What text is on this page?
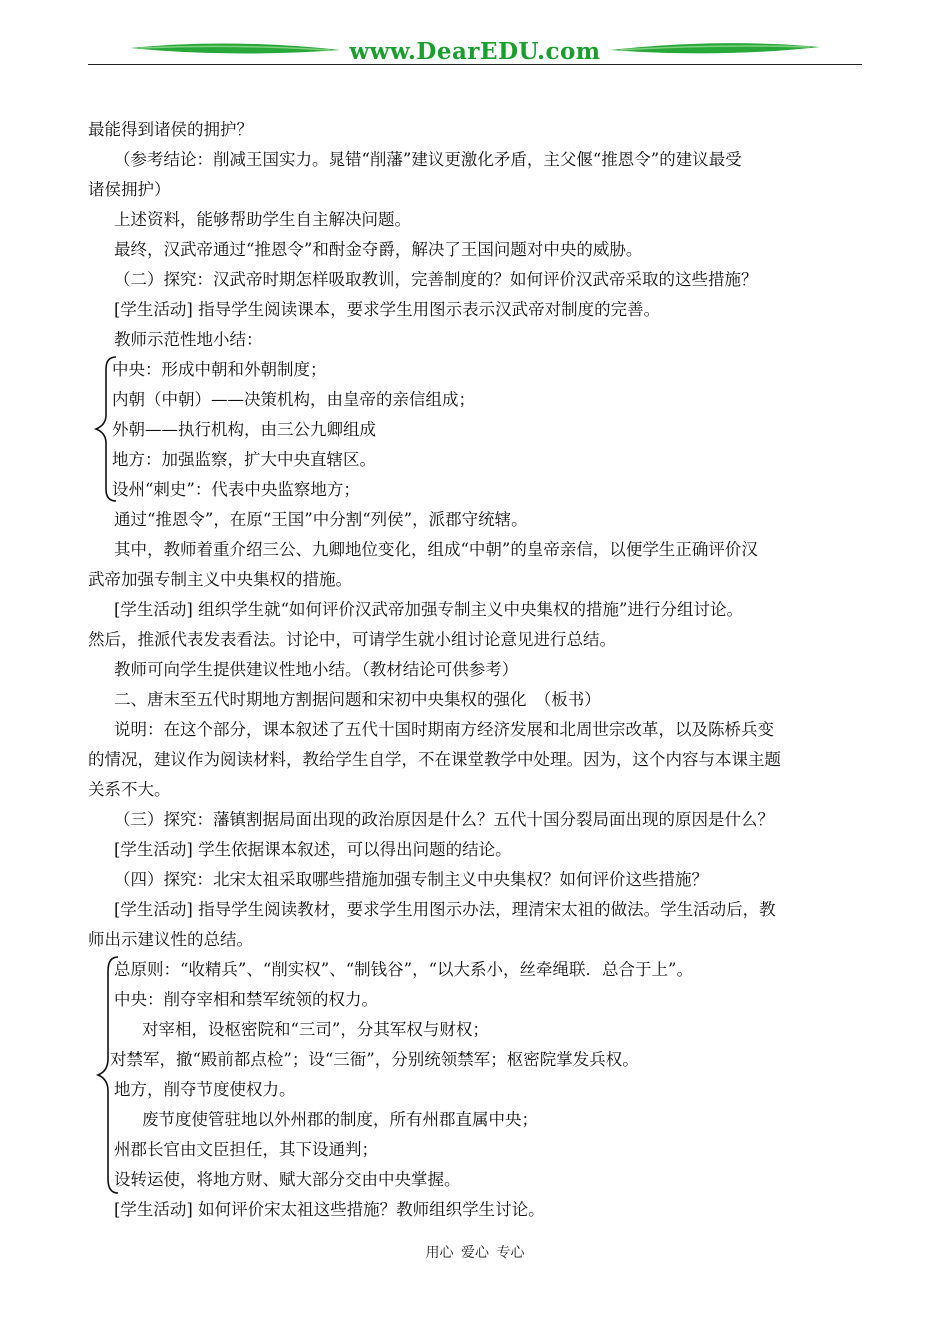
www.DearEDU.com
最能得到诸侯的拥护？
（参考结论：削减王国实力。晁错“削藩”建议更激化矛盾，主父偃“推恩令”的建议最受
诸侯拥护）
上述资料，能够帮助学生自主解决问题。
最终，汉武帝通过“推恩令”和酎金夺爵，解决了王国问题对中央的威胁。
（二）探究：汉武帝时期怎样吸取教训，完善制度的？如何评价汉武帝采取的这些措施？
[学生活动] 指导学生阅读课本，要求学生用图示表示汉武帝对制度的完善。
教师示范性地小结：
中央：形成中朝和外朝制度；
内朝（中朝）——决策机构，由皇帝的亲信组成；
外朝——执行机构，由三公九卿组成
地方：加强监察，扩大中央直辖区。
设州“刺史”：代表中央监察地方；
通过“推恩令”，在原“王国”中分割“列侯”，派郡守统辖。
其中，教师着重介绍三公、九卿地位变化，组成“中朝”的皇帝亲信，以便学生正确评价汉
武帝加强专制主义中央集权的措施。
[学生活动] 组织学生就“如何评价汉武帝加强专制主义中央集权的措施”进行分组讨论。
然后，推派代表发表看法。讨论中，可请学生就小组讨论意见进行总结。
教师可向学生提供建议性地小结。（教材结论可供参考）
二、唐末至五代时期地方割据问题和宋初中央集权的强化　（板书）
说明：在这个部分，课本叙述了五代十国时期南方经济发展和北周世宗改革，以及陈桥兵变
的情况，建议作为阅读材料，教给学生自学，不在课堂教学中处理。因为，这个内容与本课主题
关系不大。
（三）探究：藩镇割据局面出现的政治原因是什么？五代十国分裂局面出现的原因是什么？
[学生活动] 学生依据课本叙述，可以得出问题的结论。
（四）探究：北宋太祖采取哪些措施加强专制主义中央集权？如何评价这些措施？
[学生活动] 指导学生阅读教材，要求学生用图示办法，理清宋太祖的做法。学生活动后，教
师出示建议性的总结。
总原则：“收精兵”、“削实权”、“制钱谷”，“以大系小，丝牵绳联．总合于上”。
中央：削夺宰相和禁军统领的权力。
对宰相，设枢密院和“三司”，分其军权与财权；
对禁军，撤“殿前都点检”；设“三衙”，分别统领禁军；枢密院掌发兵权。
地方，削夺节度使权力。
废节度使管驻地以外州郡的制度，所有州郡直属中央；
州郡长官由文臣担任，其下设通判；
设转运使，将地方财、赋大部分交由中央掌握。
[学生活动] 如何评价宋太祖这些措施？教师组织学生讨论。
用心 爱心 专心
